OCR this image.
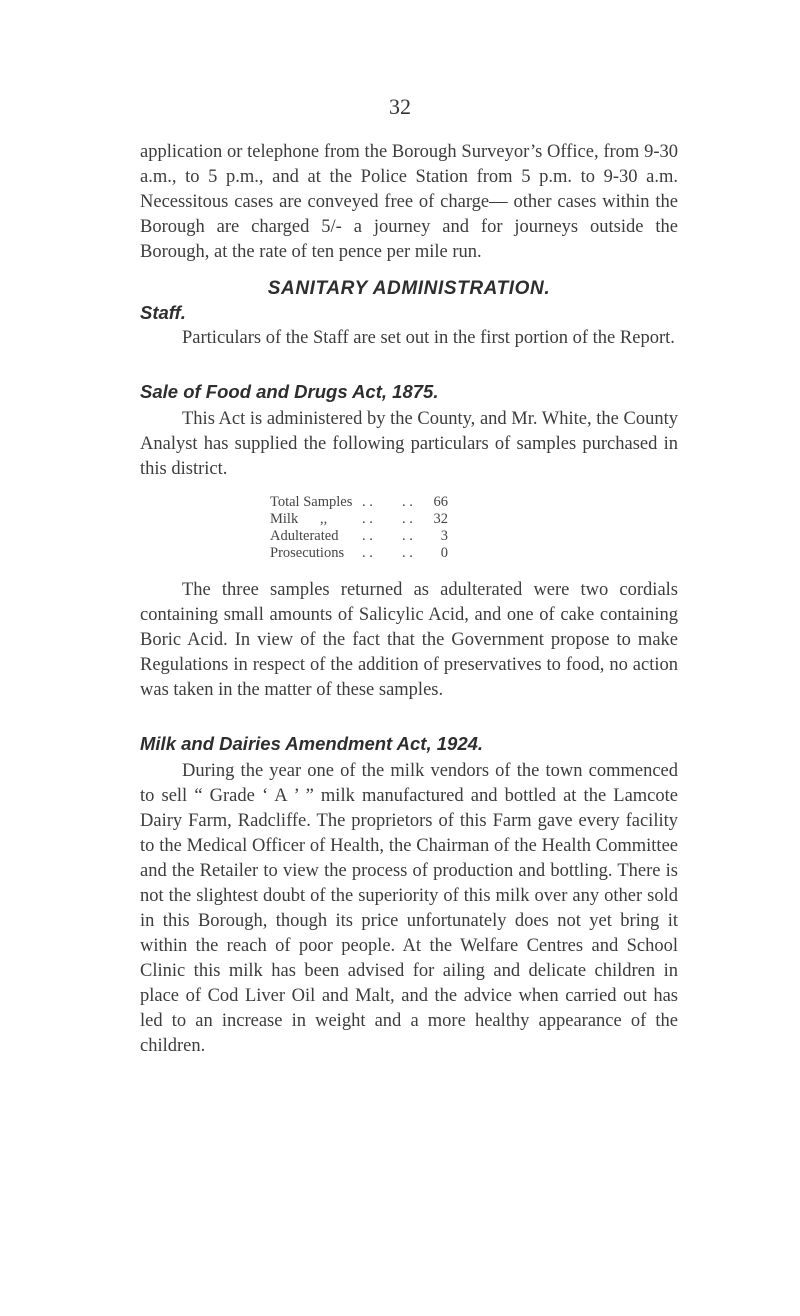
32

application or telephone from the Borough Surveyor’s Office, from 9-30 a.m., to 5 p.m., and at the Police Station from 5 p.m. to 9-30 a.m. Necessitous cases are conveyed free of charge— other cases within the Borough are charged 5/- a journey and for journeys outside the Borough, at the rate of ten pence per mile run.

SANITARY ADMINISTRATION.
Staff.

Particulars of the Staff are set out in the first portion of the Report.

Sale of Food and Drugs Act, 1875.

This Act is administered by the County, and Mr. White, the County Analyst has supplied the following particulars of samples purchased in this district.

Total Samples	. .	. .	66
Milk      ,,	. .	. .	32
Adulterated	. .	. .	3
Prosecutions	. .	. .	0

The three samples returned as adulterated were two cordials containing small amounts of Salicylic Acid, and one of cake containing Boric Acid. In view of the fact that the Government propose to make Regulations in respect of the addition of preservatives to food, no action was taken in the matter of these samples.

Milk and Dairies Amendment Act, 1924.

During the year one of the milk vendors of the town commenced to sell “ Grade ‘ A ’ ” milk manufactured and bottled at the Lamcote Dairy Farm, Radcliffe. The proprietors of this Farm gave every facility to the Medical Officer of Health, the Chairman of the Health Committee and the Retailer to view the process of production and bottling. There is not the slightest doubt of the superiority of this milk over any other sold in this Borough, though its price unfortunately does not yet bring it within the reach of poor people. At the Welfare Centres and School Clinic this milk has been advised for ailing and delicate children in place of Cod Liver Oil and Malt, and the advice when carried out has led to an increase in weight and a more healthy appearance of the children.
